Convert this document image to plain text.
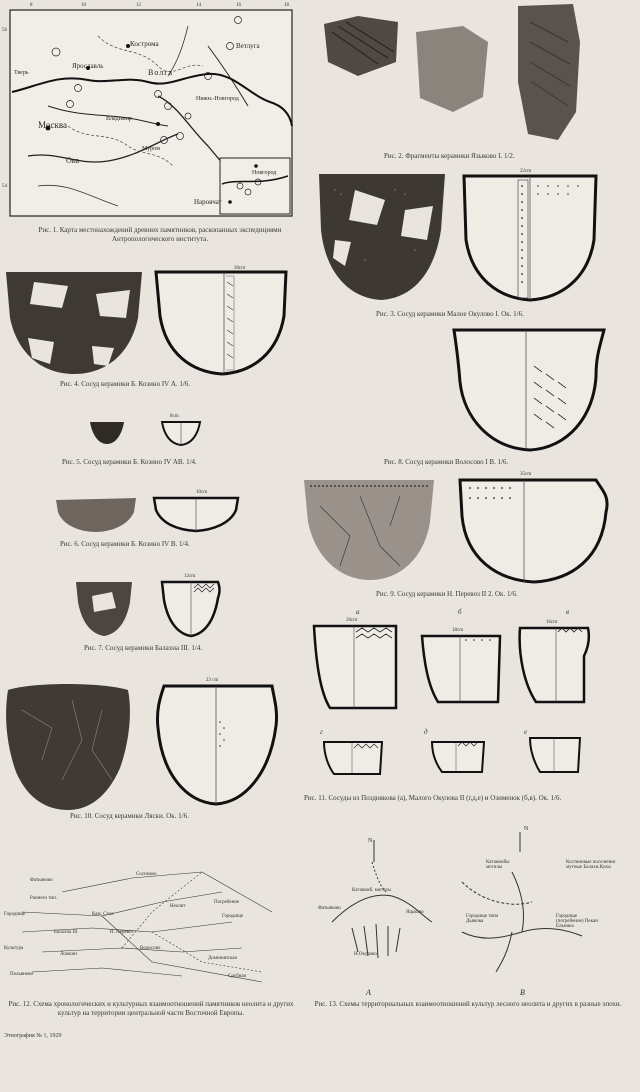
56
54
8	10	12	14	16	18
Кострома	Ветлуга
Ярославль
Волга
Тверь
Нижн.-Новгород
Москва
Владимир
Муром
Ока
Новгород
Наровчат
Рис. 1. Карта местонахождений древних памятников, раскопанных экспедициями Антропологического института.
Рис. 2. Фрагменты керамики Языково I. 1/2.
22cm
Рис. 3. Сосуд керамики Малое Окулово I. Ок. 1/6.
30cm
Рис. 4. Сосуд керамики Б. Козино IV А. 1/6.
Рис. 8. Сосуд керамики Волосово I В. 1/6.
8cm
Рис. 5. Сосуд керамики Б. Козино IV АВ. 1/4.
35cm
Рис. 9. Сосуд керамики Н. Перевоз II 2. Ок. 1/6.
10cm
Рис. 6. Сосуд керамики Б. Козино IV В. 1/4.
12cm
Рис. 7. Сосуд керамики Балахна III. 1/4.
а	б	в
26cm
18cm
16cm
г	д	е
Рис. 11. Сосуды из Позднякова (а), Малого Окулова II (г,д,е) и Озименок (б,в). Ок. 1/6.
23 cm
Рис. 10. Сосуд керамики Ляски. Ок. 1/6.
Фатьяново
Раннего тип.
Городище
Сосновое
Кам. Стол
Балахна III	Н. Перевоз
Культура
Ложкин
Неолит
Волосово
Погребение
Городище
Домининская
Срубная
Польяново
Рис. 12. Схема хронологических и культурных взаимоотношений памятников неолита и других культур на территории центральной части Восточной Европы.
N
N
Катакомб. могилы
Фатьяново
Яцьково
Н.Окулово
Катакомбы могилы
Костяновые поселения мутные Балахн.Кулы
Городище типа Дьякова
Городище (погребение) Пекан Ельника
А	В
Рис. 13. Схемы территориальных взаимоотношений культур лесного неолита и других в разные эпохи.
Этнография № 1, 1929
